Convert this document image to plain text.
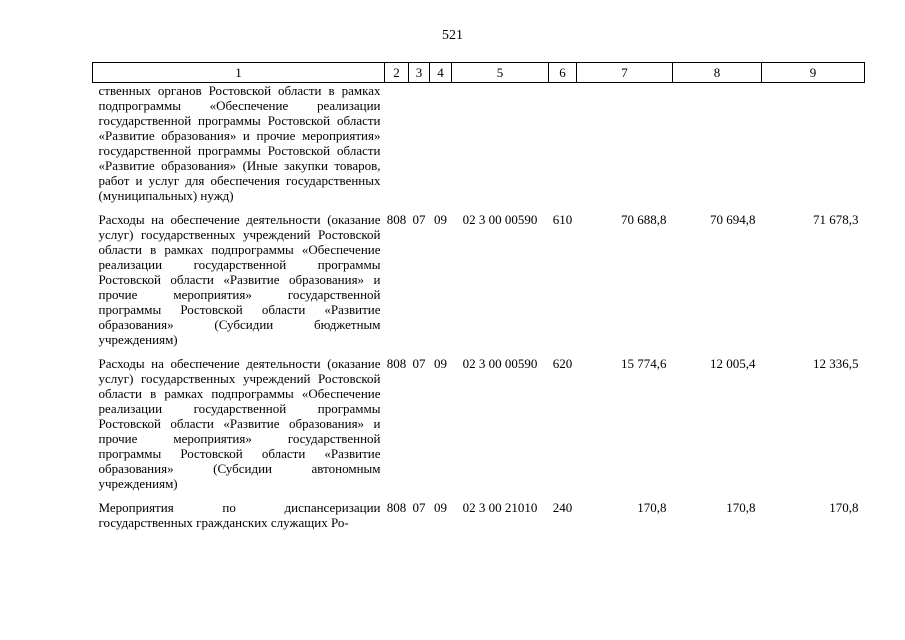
521
1	2	3	4	5	6	7	8	9
ственных органов Ростовской области в рамках подпрограммы «Обеспечение реализации государственной программы Ростовской области «Развитие образования» и прочие мероприятия» государственной программы Ростовской области «Развитие образования» (Иные закупки товаров, работ и услуг для обеспечения государственных (муниципальных) нужд)								
Расходы на обеспечение деятельности (оказание услуг) государственных учреждений Ростовской области в рамках подпрограммы «Обеспечение реализации государственной программы Ростовской области «Развитие образования» и прочие мероприятия» государственной программы Ростовской области «Развитие образования» (Субсидии бюджетным учреждениям)	808	07	09	02 3 00 00590	610	70 688,8	70 694,8	71 678,3
Расходы на обеспечение деятельности (оказание услуг) государственных учреждений Ростовской области в рамках подпрограммы «Обеспечение реализации государственной программы Ростовской области «Развитие образования» и прочие мероприятия» государственной программы Ростовской области «Развитие образования» (Субсидии автономным учреждениям)	808	07	09	02 3 00 00590	620	15 774,6	12 005,4	12 336,5
Мероприятия по диспансеризации государственных гражданских служащих Ро-	808	07	09	02 3 00 21010	240	170,8	170,8	170,8
